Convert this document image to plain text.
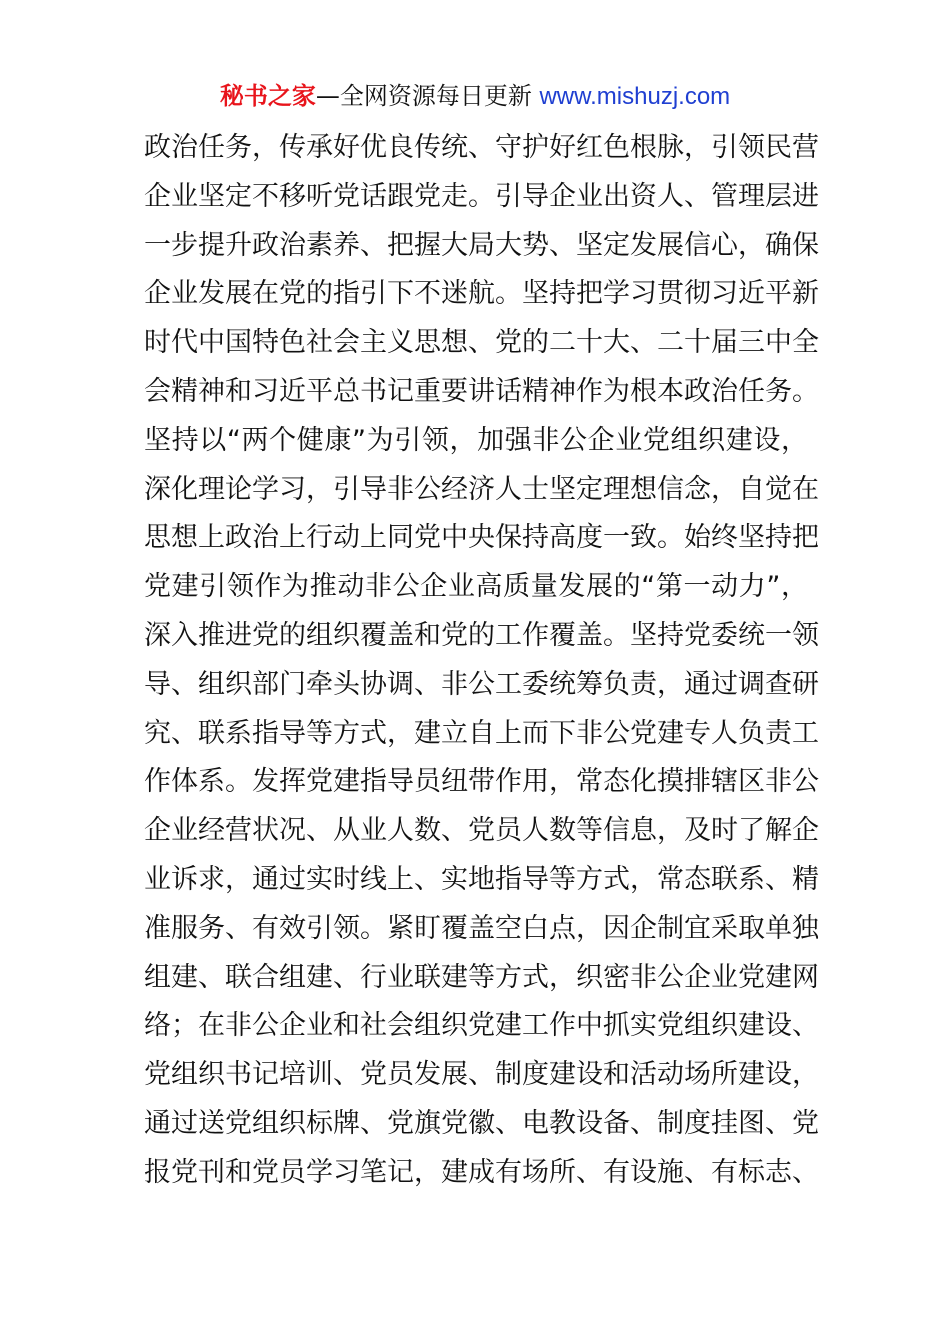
秘书之家—全网资源每日更新 www.mishuzj.com
政治任务，传承好优良传统、守护好红色根脉，引领民营
企业坚定不移听党话跟党走。引导企业出资人、管理层进
一步提升政治素养、把握大局大势、坚定发展信心，确保
企业发展在党的指引下不迷航。坚持把学习贯彻习近平新
时代中国特色社会主义思想、党的二十大、二十届三中全
会精神和习近平总书记重要讲话精神作为根本政治任务。
坚持以“两个健康”为引领，加强非公企业党组织建设，
深化理论学习，引导非公经济人士坚定理想信念，自觉在
思想上政治上行动上同党中央保持高度一致。始终坚持把
党建引领作为推动非公企业高质量发展的“第一动力”，
深入推进党的组织覆盖和党的工作覆盖。坚持党委统一领
导、组织部门牵头协调、非公工委统筹负责，通过调查研
究、联系指导等方式，建立自上而下非公党建专人负责工
作体系。发挥党建指导员纽带作用，常态化摸排辖区非公
企业经营状况、从业人数、党员人数等信息，及时了解企
业诉求，通过实时线上、实地指导等方式，常态联系、精
准服务、有效引领。紧盯覆盖空白点，因企制宜采取单独
组建、联合组建、行业联建等方式，织密非公企业党建网
络；在非公企业和社会组织党建工作中抓实党组织建设、
党组织书记培训、党员发展、制度建设和活动场所建设，
通过送党组织标牌、党旗党徽、电教设备、制度挂图、党
报党刊和党员学习笔记，建成有场所、有设施、有标志、
